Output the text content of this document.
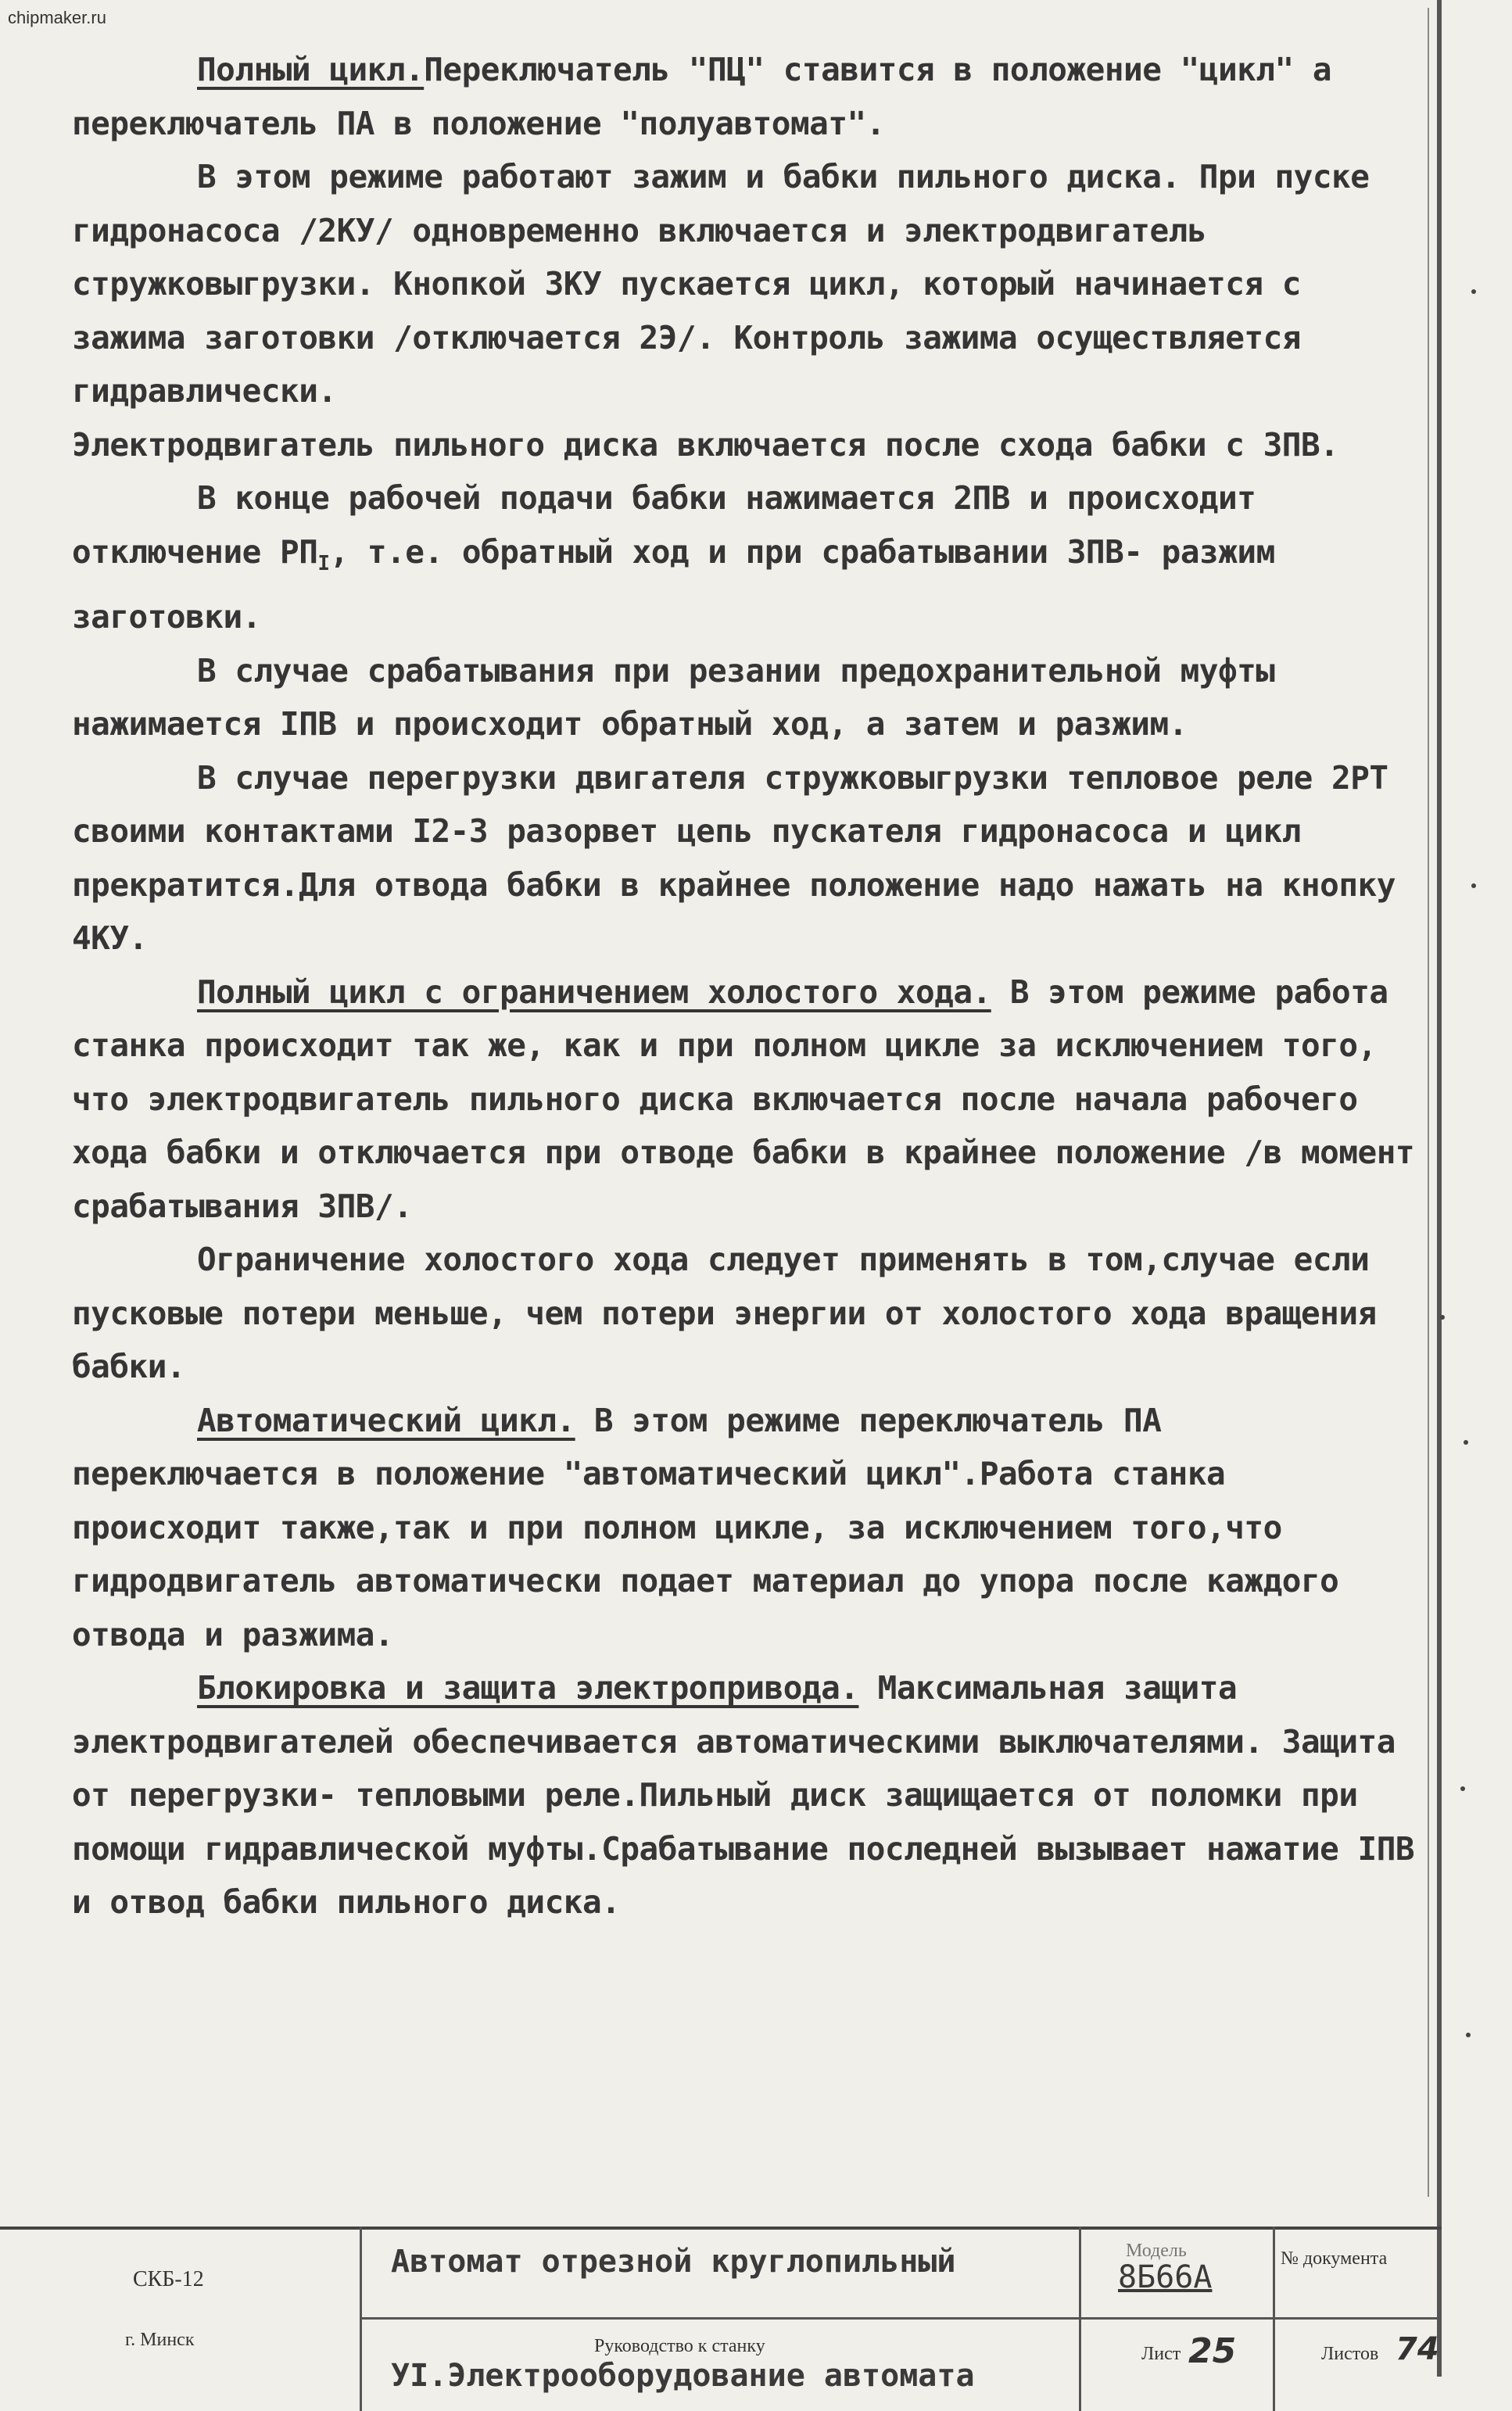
chipmaker.ru

Полный цикл.Переключатель "ПЦ" ставится в положение "цикл" а переключатель ПА в положение "полуавтомат".

В этом режиме работают зажим и бабки пильного диска. При пуске гидронасоса /2КУ/ одновременно включается и электродвигатель стружковыгрузки. Кнопкой 3КУ пускается цикл, который начинается с зажима заготовки /отключается 2Э/. Контроль зажима осуществляется гидравлически.

Электродвигатель пильного диска включается после схода бабки с 3ПВ.

В конце рабочей подачи бабки нажимается 2ПВ и происходит отключение $РП_I$, т.е. обратный ход и при срабатывании 3ПВ- разжим заготовки.

В случае срабатывания при резании предохранительной муфты нажимается IПВ и происходит обратный ход, а затем и разжим.

В случае перегрузки двигателя стружковыгрузки тепловое реле 2РТ своими контактами I2-3 разорвет цепь пускателя гидронасоса и цикл прекратится.Для отвода бабки в крайнее положение надо нажать на кнопку 4КУ.

Полный цикл с ограничением холостого хода. В этом режиме работа станка происходит так же, как и при полном цикле за исключением того, что электродвигатель пильного диска включается после начала рабочего хода бабки и отключается при отводе бабки в крайнее положение /в момент срабатывания 3ПВ/.

Ограничение холостого хода следует применять в том,случае если пусковые потери меньше, чем потери энергии от холостого хода вращения бабки.

Автоматический цикл. В этом режиме переключатель ПА переключается в положение "автоматический цикл".Работа станка происходит также,так и при полном цикле, за исключением того,что гидродвигатель автоматически подает материал до упора после каждого отвода и разжима.

Блокировка и защита электропривода. Максимальная защита электродвигателей обеспечивается автоматическими выключателями. Защита от перегрузки- тепловыми реле.Пильный диск защищается от поломки при помощи гидравлической муфты.Срабатывание последней вызывает нажатие IПВ и отвод бабки пильного диска.

СКБ-12
г. Минск
Автомат отрезной круглопильный	Модель
8Б66А
№ документа
Руководство к станку
УI.Электрооборудование автомата
Лист 25	Листов 74
